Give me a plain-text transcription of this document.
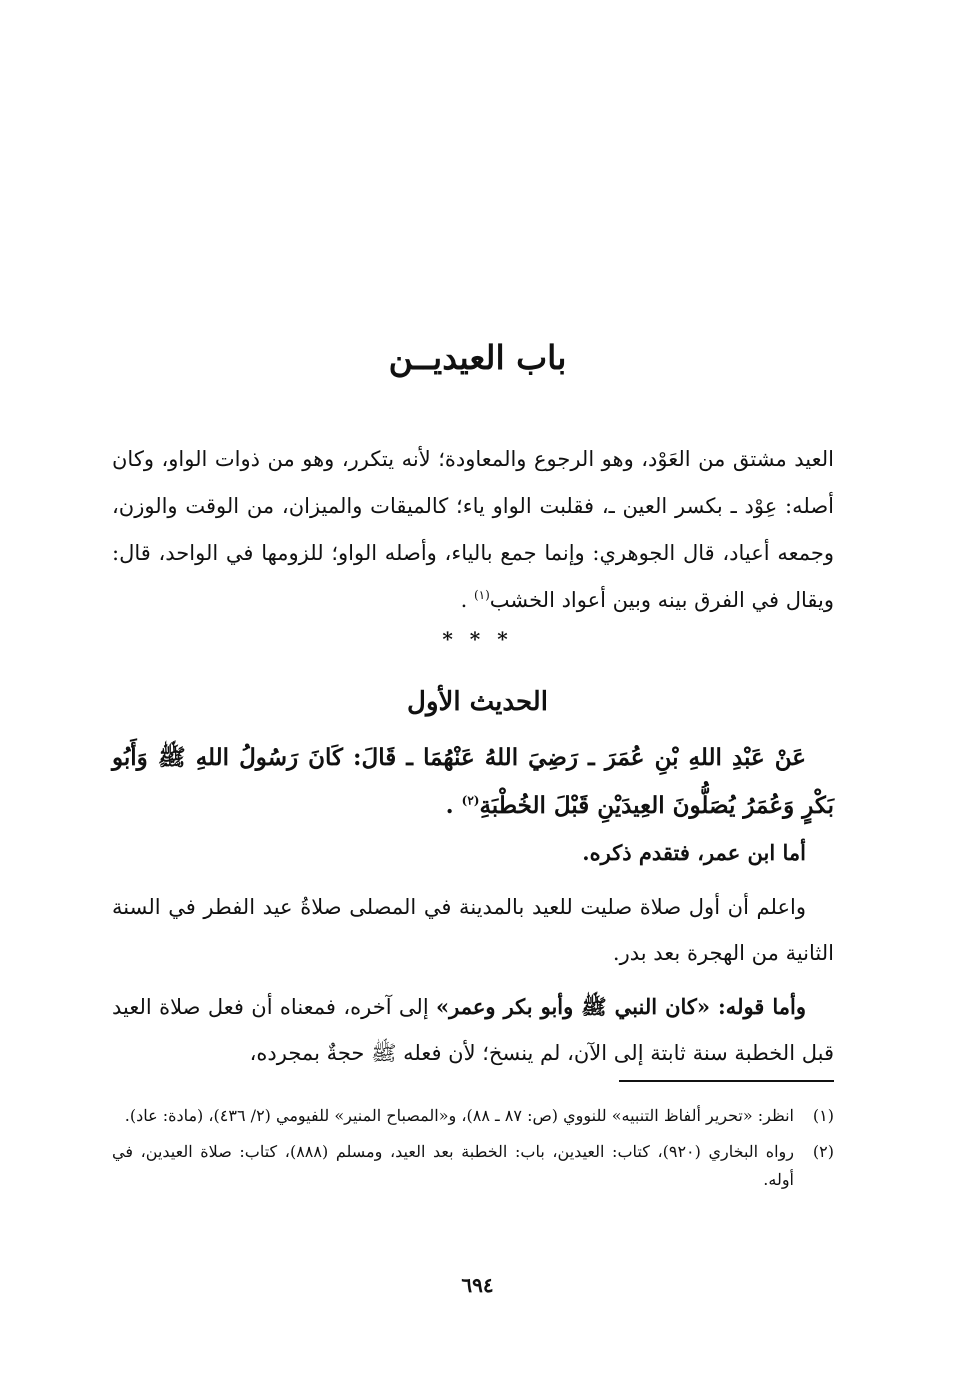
باب العيديــن

العيد مشتق من العَوْد، وهو الرجوع والمعاودة؛ لأنه يتكرر، وهو من ذوات الواو، وكان أصله: عِوْد ـ بكسر العين ـ، فقلبت الواو ياء؛ كالميقات والميزان، من الوقت والوزن، وجمعه أعياد، قال الجوهري: وإنما جمع بالياء، وأصله الواو؛ للزومها في الواحد، قال: ويقال في الفرق بينه وبين أعواد الخشب$^{(١)}$ .

* * *
الحديث الأول
عَنْ عَبْدِ اللهِ بْنِ عُمَرَ ـ رَضِيَ اللهُ عَنْهُمَا ـ قَالَ: كَانَ رَسُولُ اللهِ ﷺ وَأَبُو بَكْرٍ وَعُمَرُ يُصَلُّونَ العِيدَيْنِ قَبْلَ الخُطْبَةِ$^{(٢)}$ .

أما ابن عمر، فتقدم ذكره.

واعلم أن أول صلاة صليت للعيد بالمدينة في المصلى صلاةُ عيد الفطر في السنة الثانية من الهجرة بعد بدر.

وأما قوله: «كان النبي ﷺ وأبو بكر وعمر» إلى آخره، فمعناه أن فعل صلاة العيد قبل الخطبة سنة ثابتة إلى الآن، لم ينسخ؛ لأن فعله ﷺ حجةٌ بمجرده،

(١)
انظر: «تحرير ألفاظ التنبيه» للنووي (ص: ٨٧ ـ ٨٨)، و«المصباح المنير» للفيومي (٢/ ٤٣٦)، (مادة: عاد).
(٢)
رواه البخاري (٩٢٠)، كتاب: العيدين، باب: الخطبة بعد العيد، ومسلم (٨٨٨)، كتاب: صلاة العيدين، في أوله.
٦٩٤
